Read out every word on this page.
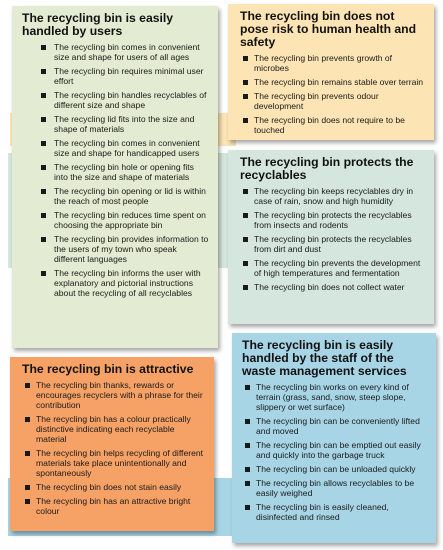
The recycling bin is easily handled by users
The recycling bin comes in convenient size and shape for users of all ages
The recycling bin requires minimal user effort
The recycling bin handles recyclables of different size and shape
The recycling lid fits into the size and shape of materials
The recycling bin comes in convenient size and shape for handicapped users
The recycling bin hole or opening fits into the size and shape of materials
The recycling bin opening or lid is within the reach of most people
The recycling bin reduces time spent on choosing the appropriate bin
The recycling bin provides information to the users of my town who speak different languages
The recycling bin informs the user with explanatory and pictorial instructions about the recycling of all recyclables
The recycling bin does not pose risk to human health and safety
The recycling bin prevents growth of microbes
The recycling bin remains stable over terrain
The recycling bin prevents odour development
The recycling bin does not require to be touched
The recycling bin protects the recyclables
The recycling bin keeps recyclables dry in case of rain, snow and high humidity
The recycling bin protects the recyclables from insects and rodents
The recycling bin protects the recyclables from dirt and dust
The recycling bin prevents the development of high temperatures and fermentation
The recycling bin does not collect water
The recycling bin is attractive
The recycling bin thanks, rewards or encourages recyclers with a phrase for their contribution
The recycling bin has a colour practically distinctive indicating each recyclable material
The recycling bin helps recycling of different materials take place unintentionally and spontaneously
The recycling bin does not stain easily
The recycling bin has an attractive bright colour
The recycling bin is easily handled by the staff of the waste management services
The recycling bin works on every kind of terrain (grass, sand, snow, steep slope, slippery or wet surface)
The recycling bin can be conveniently lifted and moved
The recycling bin can be emptied out easily and quickly into the garbage truck
The recycling bin can be unloaded quickly
The recycling bin allows recyclables to be easily weighed
The recycling bin is easily cleaned, disinfected and rinsed
